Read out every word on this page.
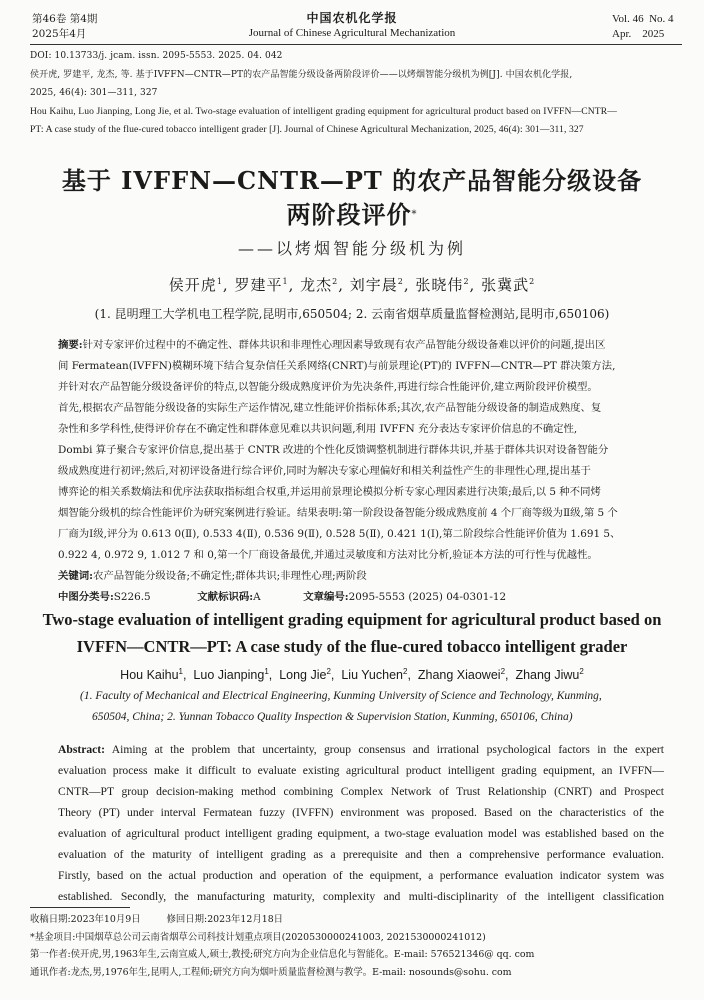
第46卷 第4期
2025年4月
中国农机化学报
Journal of Chinese Agricultural Mechanization
Vol. 46 No. 4
Apr. 2025
DOI: 10.13733/j. jcam. issn. 2095-5553. 2025. 04. 042
侯开虎, 罗建平, 龙杰, 等. 基于IVFFN—CNTR—PT的农产品智能分级设备两阶段评价——以烤烟智能分级机为例[J]. 中国农机化学报,
2025, 46(4): 301—311, 327
Hou Kaihu, Luo Jianping, Long Jie, et al. Two-stage evaluation of intelligent grading equipment for agricultural product based on IVFFN—CNTR—
PT: A case study of the flue-cured tobacco intelligent grader [J]. Journal of Chinese Agricultural Mechanization, 2025, 46(4): 301—311, 327
基于 IVFFN—CNTR—PT 的农产品智能分级设备
两阶段评价*
——以烤烟智能分级机为例
侯开虎$^1$, 罗建平$^1$, 龙杰$^2$, 刘宇晨$^2$, 张晓伟$^2$, 张冀武$^2$
(1. 昆明理工大学机电工程学院,昆明市,650504; 2. 云南省烟草质量监督检测站,昆明市,650106)
摘要:针对专家评价过程中的不确定性、群体共识和非理性心理因素导致现有农产品智能分级设备难以评价的问题,提出区
间 Fermatean(IVFFN)模糊环境下结合复杂信任关系网络(CNRT)与前景理论(PT)的 IVFFN—CNTR—PT 群决策方法,
并针对农产品智能分级设备评价的特点,以智能分级成熟度评价为先决条件,再进行综合性能评价,建立两阶段评价模型。
首先,根据农产品智能分级设备的实际生产运作情况,建立性能评价指标体系;其次,农产品智能分级设备的制造成熟度、复
杂性和多学科性,使得评价存在不确定性和群体意见难以共识问题,利用 IVFFN 充分表达专家评价信息的不确定性,
Dombi 算子聚合专家评价信息,提出基于 CNTR 改进的个性化反馈调整机制进行群体共识,并基于群体共识对设备智能分
级成熟度进行初评;然后,对初评设备进行综合评价,同时为解决专家心理偏好和相关利益性产生的非理性心理,提出基于
博弈论的相关系数熵法和优序法获取指标组合权重,并运用前景理论模拟分析专家心理因素进行决策;最后,以 5 种不同烤
烟智能分级机的综合性能评价为研究案例进行验证。结果表明:第一阶段设备智能分级成熟度前 4 个厂商等级为Ⅱ级,第 5 个
厂商为Ⅰ级,评分为 0.613 0(Ⅱ), 0.533 4(Ⅱ), 0.536 9(Ⅱ), 0.528 5(Ⅱ), 0.421 1(Ⅰ),第二阶段综合性能评价值为 1.691 5、
0.922 4, 0.972 9, 1.012 7 和 0,第一个厂商设备最优,并通过灵敏度和方法对比分析,验证本方法的可行性与优越性。
关键词:农产品智能分级设备;不确定性;群体共识;非理性心理;两阶段
中图分类号:S226.5	文献标识码:A	文章编号:2095-5553 (2025) 04-0301-12
Two-stage evaluation of intelligent grading equipment for agricultural product based on
IVFFN—CNTR—PT: A case study of the flue-cured tobacco intelligent grader
Hou Kaihu$^1$,  Luo Jianping$^1$,  Long Jie$^2$,  Liu Yuchen$^2$,  Zhang Xiaowei$^2$,  Zhang Jiwu$^2$
(1. Faculty of Mechanical and Electrical Engineering, Kunming University of Science and Technology, Kunming,
650504, China; 2. Yunnan Tobacco Quality Inspection & Supervision Station, Kunming, 650106, China)
Abstract: Aiming at the problem that uncertainty, group consensus and irrational psychological factors in the expert
evaluation process make it difficult to evaluate existing agricultural product intelligent grading equipment, an IVFFN—
CNTR—PT group decision-making method combining Complex Network of Trust Relationship (CNRT) and Prospect
Theory (PT) under interval Fermatean fuzzy (IVFFN) environment was proposed. Based on the characteristics of the
evaluation of agricultural product intelligent grading equipment, a two-stage evaluation model was established based on the
evaluation of the maturity of intelligent grading as a prerequisite and then a comprehensive performance evaluation.
Firstly, based on the actual production and operation of the equipment, a performance evaluation indicator system was
established. Secondly, the manufacturing maturity, complexity and multi-disciplinarity of the intelligent classification
收稿日期:2023年10月9日	修回日期:2023年12月18日
*基金项目:中国烟草总公司云南省烟草公司科技计划重点项目(2020530000241003, 2021530000241012)
第一作者:侯开虎,男,1963年生,云南宣威人,硕士,教授;研究方向为企业信息化与智能化。E-mail: 576521346@ qq. com
通讯作者:龙杰,男,1976年生,昆明人,工程师;研究方向为烟叶质量监督检测与教学。E-mail: nosounds@sohu. com
